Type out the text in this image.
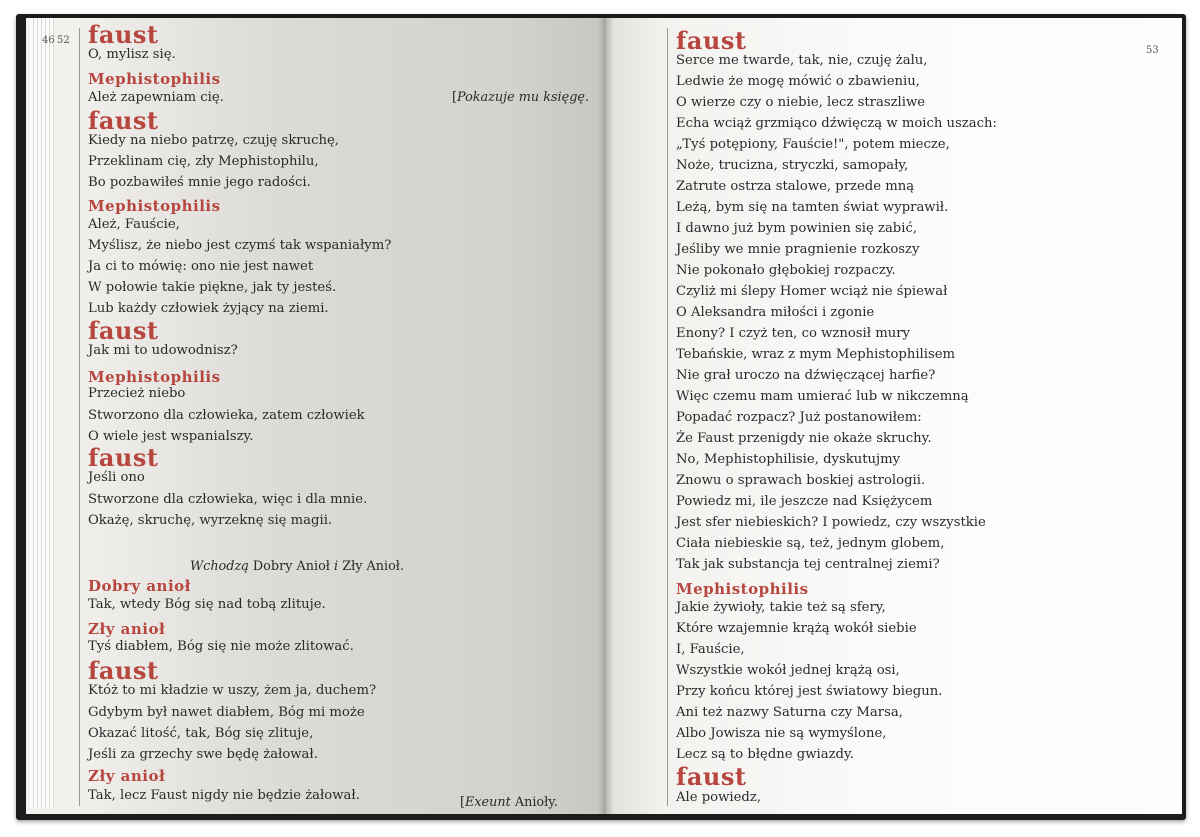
46 52
53
faust
O, mylisz się.
Mephistophilis
Ależ zapewniam cię.
faust
Kiedy na niebo patrzę, czuję skruchę,
Przeklinam cię, zły Mephistophilu,
Bo pozbawiłeś mnie jego radości.
Mephistophilis
Ależ, Fauście,
Myślisz, że niebo jest czymś tak wspaniałym?
Ja ci to mówię: ono nie jest nawet
W połowie takie piękne, jak ty jesteś.
Lub każdy człowiek żyjący na ziemi.
faust
Jak mi to udowodnisz?
Mephistophilis
Przecież niebo
Stworzono dla człowieka, zatem człowiek
O wiele jest wspanialszy.
faust
Jeśli ono
Stworzone dla człowieka, więc i dla mnie.
Okażę, skruchę, wyrzeknę się magii.
Dobry anioł
Tak, wtedy Bóg się nad tobą zlituje.
Zły anioł
Tyś diabłem, Bóg się nie może zlitować.
faust
Któż to mi kładzie w uszy, żem ja, duchem?
Gdybym był nawet diabłem, Bóg mi może
Okazać litość, tak, Bóg się zlituje,
Jeśli za grzechy swe będę żałował.
Zły anioł
Tak, lecz Faust nigdy nie będzie żałował.
[Pokazuje mu księgę.
Wchodzą Dobry Anioł i Zły Anioł.
[Exeunt Anioły.
faust
Serce me twarde, tak, nie, czuję żalu,
Ledwie że mogę mówić o zbawieniu,
O wierze czy o niebie, lecz straszliwe
Echa wciąż grzmiąco dźwięczą w moich uszach:
„Tyś potępiony, Fauście!", potem miecze,
Noże, trucizna, stryczki, samopały,
Zatrute ostrza stalowe, przede mną
Leżą, bym się na tamten świat wyprawił.
I dawno już bym powinien się zabić,
Jeśliby we mnie pragnienie rozkoszy
Nie pokonało głębokiej rozpaczy.
Czyliż mi ślepy Homer wciąż nie śpiewał
O Aleksandra miłości i zgonie
Enony? I czyż ten, co wznosił mury
Tebańskie, wraz z mym Mephistophilisem
Nie grał uroczo na dźwięczącej harfie?
Więc czemu mam umierać lub w nikczemną
Popadać rozpacz? Już postanowiłem:
Że Faust przenigdy nie okaże skruchy.
No, Mephistophilisie, dyskutujmy
Znowu o sprawach boskiej astrologii.
Powiedz mi, ile jeszcze nad Księżycem
Jest sfer niebieskich? I powiedz, czy wszystkie
Ciała niebieskie są, też, jednym globem,
Tak jak substancja tej centralnej ziemi?
Mephistophilis
Jakie żywioły, takie też są sfery,
Które wzajemnie krążą wokół siebie
I, Fauście,
Wszystkie wokół jednej krążą osi,
Przy końcu której jest światowy biegun.
Ani też nazwy Saturna czy Marsa,
Albo Jowisza nie są wymyślone,
Lecz są to błędne gwiazdy.
faust
Ale powiedz,
